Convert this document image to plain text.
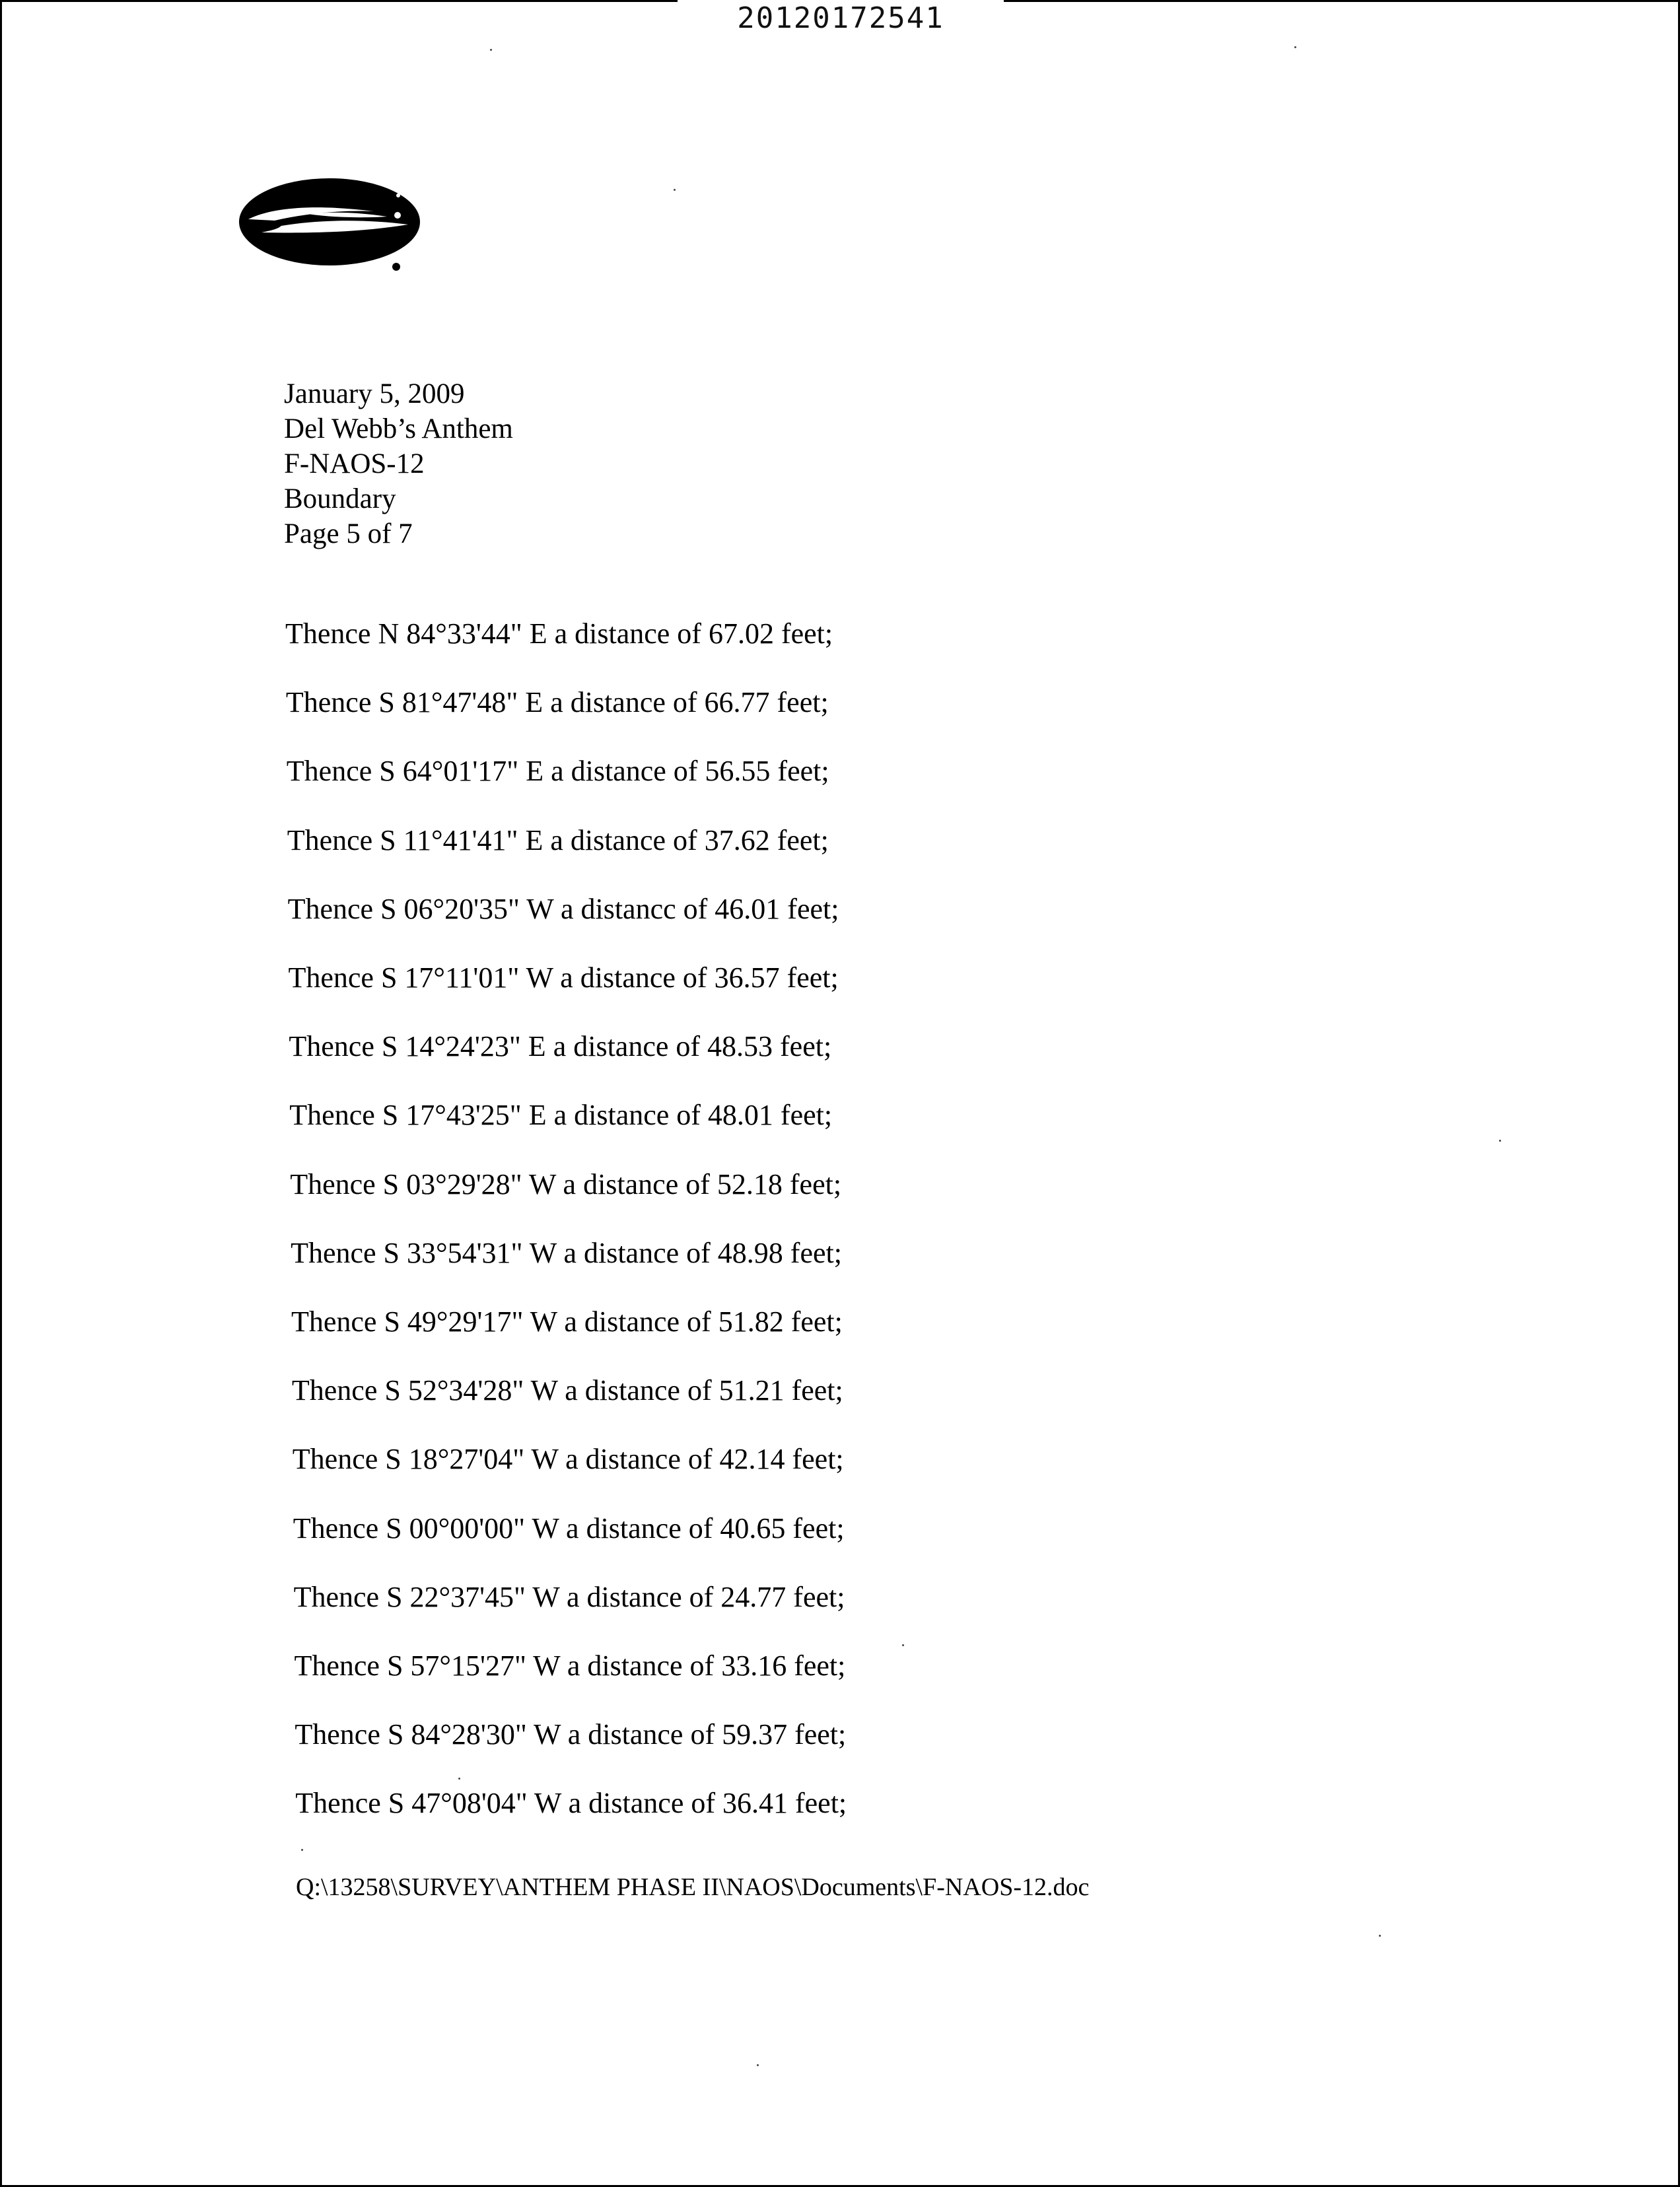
20120172541
January 5, 2009
Del Webb’s Anthem
F-NAOS-12
Boundary
Page 5 of 7
Thence N 84°33'44" E a distance of 67.02 feet;
Thence S 81°47'48" E a distance of 66.77 feet;
Thence S 64°01'17" E a distance of 56.55 feet;
Thence S 11°41'41" E a distance of 37.62 feet;
Thence S 06°20'35" W a distancc of 46.01 feet;
Thence S 17°11'01" W a distance of 36.57 feet;
Thence S 14°24'23" E a distance of 48.53 feet;
Thence S 17°43'25" E a distance of 48.01 feet;
Thence S 03°29'28" W a distance of 52.18 feet;
Thence S 33°54'31" W a distance of 48.98 feet;
Thence S 49°29'17" W a distance of 51.82 feet;
Thence S 52°34'28" W a distance of 51.21 feet;
Thence S 18°27'04" W a distance of 42.14 feet;
Thence S 00°00'00" W a distance of 40.65 feet;
Thence S 22°37'45" W a distance of 24.77 feet;
Thence S 57°15'27" W a distance of 33.16 feet;
Thence S 84°28'30" W a distance of 59.37 feet;
Thence S 47°08'04" W a distance of 36.41 feet;
Q:\13258\SURVEY\ANTHEM PHASE II\NAOS\Documents\F-NAOS-12.doc
